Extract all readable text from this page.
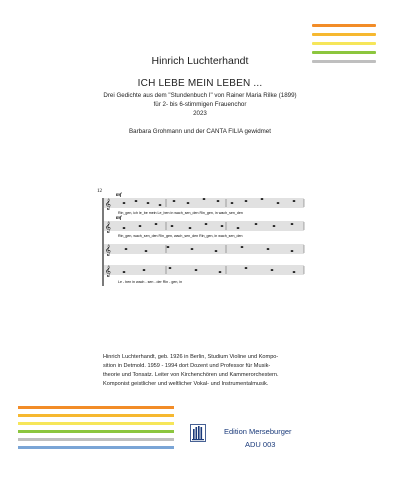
Hinrich Luchterhandt
ICH LEBE MEIN LEBEN ...
Drei Gedichte aus dem "Stundenbuch I" von Rainer Maria Rilke (1899)
für 2- bis 6-stimmigen Frauenchor
2023
Barbara Grohmann und der CANTA FILIA gewidmet
12
𝄞
mf
Rin_gen, ich le_be mein Le_ben in wach_sen_den Rin_gen, in wach_sen_den
𝄞
mf
Rin_gen, wach_sen_den Rin_gen, wach_sen_den Rin_gen, in wach_sen_den
𝄞
𝄞
Le - ben in wach - sen - der Rin - gen, in
Hinrich Luchterhandt, geb. 1926 in Berlin, Studium Violine und Kompo-
sition in Detmold. 1959 - 1994 dort Dozent und Professor für Musik-
theorie und Tonsatz. Leiter von Kirchenchören und Kammerorchestern.
Komponist geistlicher und weltlicher Vokal- und Instrumentalmusik.
Edition Merseburger
ADU 003
